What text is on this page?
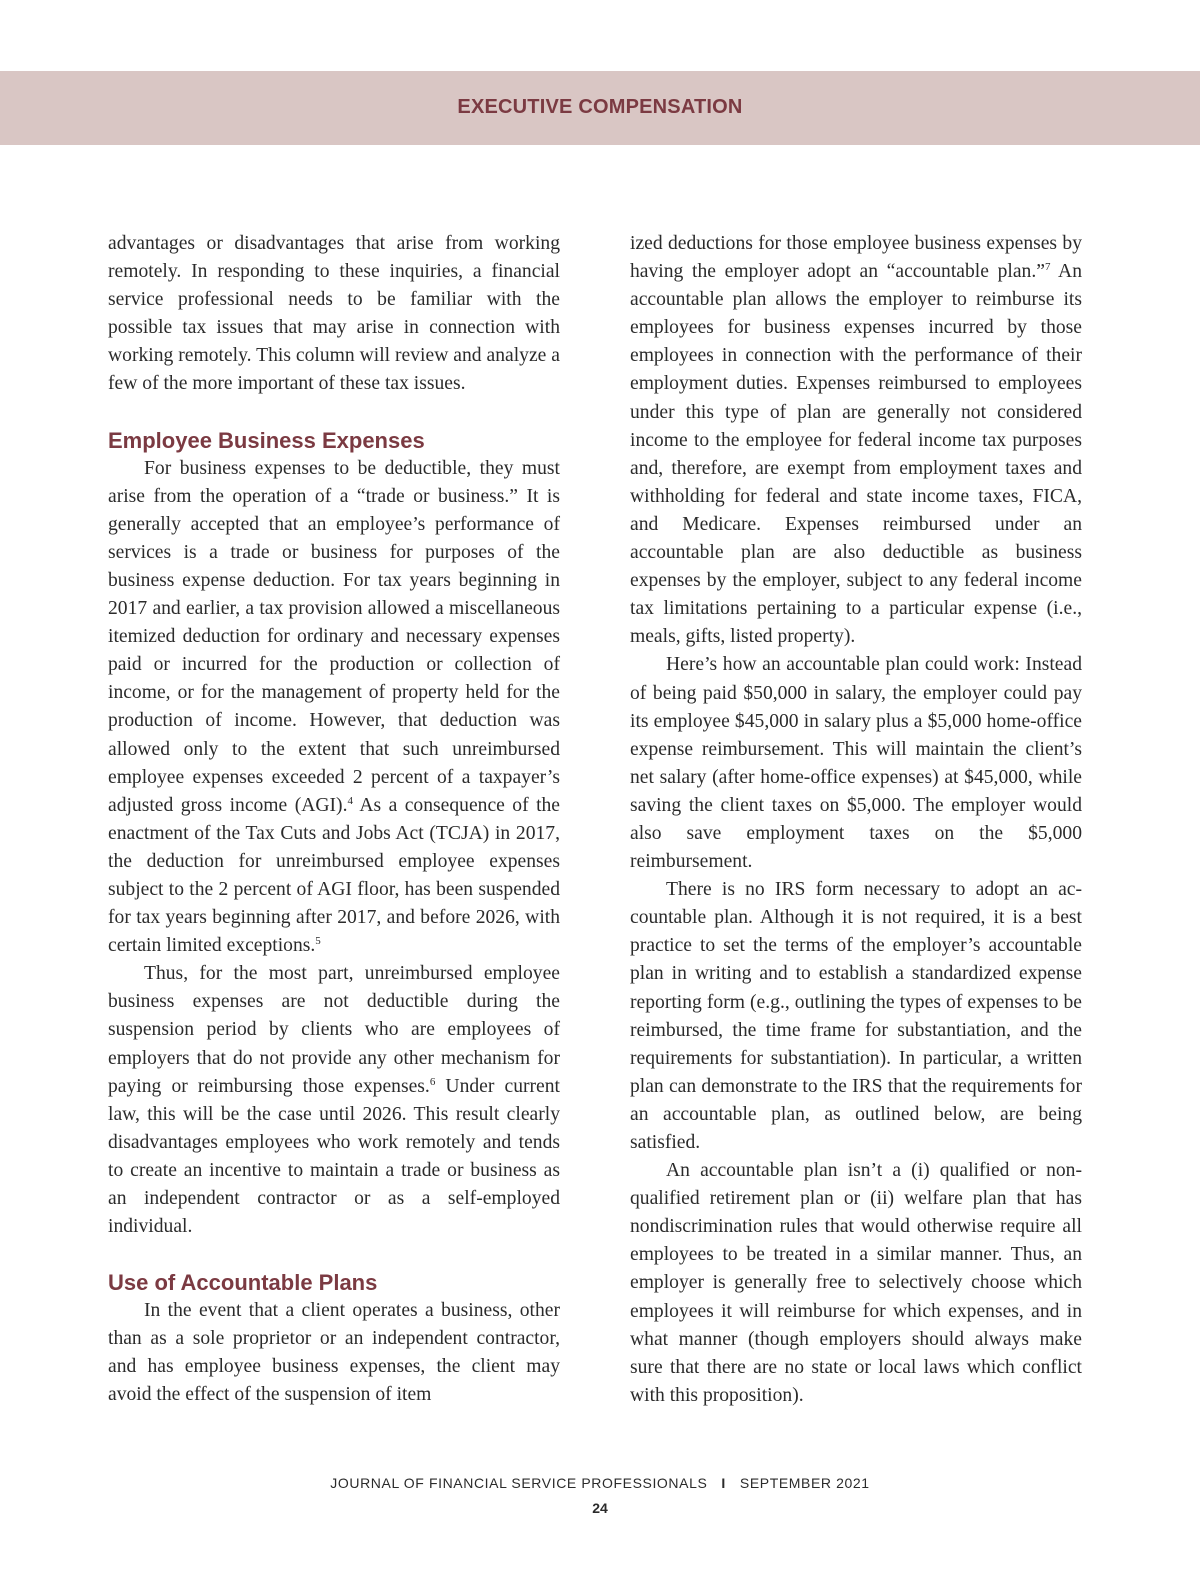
EXECUTIVE COMPENSATION

advantages or disadvantages that arise from working remotely. In responding to these inquiries, a financial service professional needs to be familiar with the possible tax issues that may arise in connection with working remotely. This column will review and analyze a few of the more important of these tax issues.

Employee Business Expenses

For business expenses to be deductible, they must arise from the operation of a “trade or business.” It is generally accepted that an employee’s performance of services is a trade or business for purposes of the business expense deduction. For tax years beginning in 2017 and earlier, a tax provision allowed a miscellaneous itemized deduction for ordinary and necessary expenses paid or incurred for the production or collection of income, or for the management of property held for the production of income. However, that deduction was allowed only to the extent that such unreimbursed employee expenses exceeded 2 percent of a taxpayer’s adjusted gross income (AGI).$^4$ As a consequence of the enactment of the Tax Cuts and Jobs Act (TCJA) in 2017, the deduction for unreimbursed employee expenses subject to the 2 percent of AGI floor, has been suspended for tax years beginning after 2017, and before 2026, with certain limited exceptions.$^5$

Thus, for the most part, unreimbursed employee business expenses are not deductible during the suspension period by clients who are employees of employers that do not provide any other mechanism for paying or reimbursing those expenses.$^6$ Under current law, this will be the case until 2026. This result clearly disadvantages employees who work remotely and tends to create an incentive to maintain a trade or business as an independent contractor or as a self-employed individual.

Use of Accountable Plans

In the event that a client operates a business, other than as a sole proprietor or an independent contractor, and has employee business expenses, the client may avoid the effect of the suspension of item

ized deductions for those employee business expenses by having the employer adopt an “accountable plan.”$^7$ An accountable plan allows the employer to reimburse its employees for business expenses incurred by those employees in connection with the performance of their employment duties. Expenses reimbursed to employees under this type of plan are generally not considered income to the employee for federal income tax purposes and, therefore, are exempt from employment taxes and withholding for federal and state income taxes, FICA, and Medicare. Expenses reimbursed under an accountable plan are also deductible as business expenses by the employer, subject to any federal income tax limitations pertaining to a particular expense (i.e., meals, gifts, listed property).

Here’s how an accountable plan could work: Instead of being paid $50,000 in salary, the employer could pay its employee $45,000 in salary plus a $5,000 home-office expense reimbursement. This will maintain the client’s net salary (after home-office expenses) at $45,000, while saving the client taxes on $5,000. The employer would also save employment taxes on the $5,000 reimbursement.

There is no IRS form necessary to adopt an accountable plan. Although it is not required, it is a best practice to set the terms of the employer’s accountable plan in writing and to establish a standardized expense reporting form (e.g., outlining the types of expenses to be reimbursed, the time frame for substantiation, and the requirements for substantiation). In particular, a written plan can demonstrate to the IRS that the requirements for an accountable plan, as outlined below, are being satisfied.

An accountable plan isn’t a (i) qualified or nonqualified retirement plan or (ii) welfare plan that has nondiscrimination rules that would otherwise require all employees to be treated in a similar manner. Thus, an employer is generally free to selectively choose which employees it will reimburse for which expenses, and in what manner (though employers should always make sure that there are no state or local laws which conflict with this proposition).

JOURNAL OF FINANCIAL SERVICE PROFESSIONALS I SEPTEMBER 2021
24
